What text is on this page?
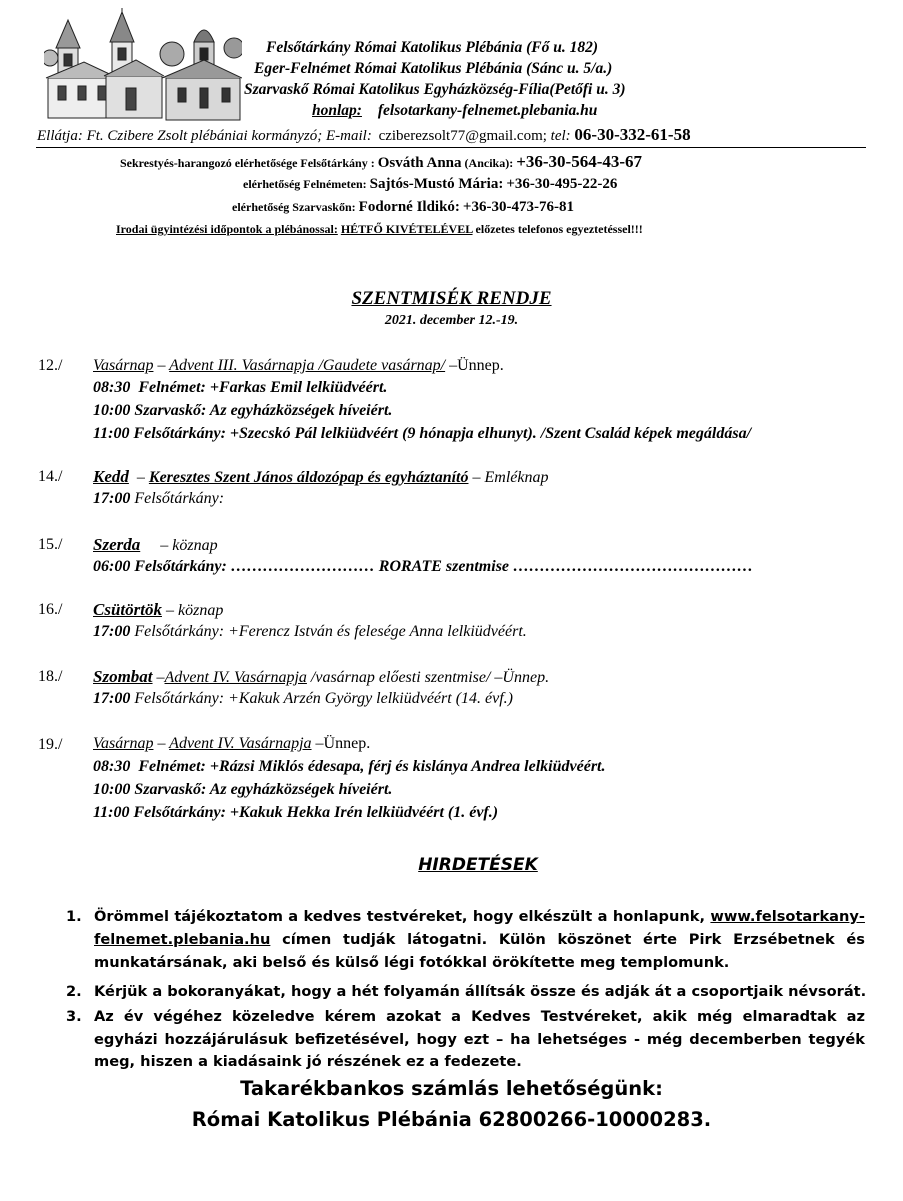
Felsőtárkány Római Katolikus Plébánia (Fő u. 182)
Eger-Felnémet Római Katolikus Plébánia (Sánc u. 5/a.)
Szarvaskő Római Katolikus Egyházközség-Fília(Petőfi u. 3)
honlap: felsotarkany-felnemet.plebania.hu
Ellátja: Ft. Czibere Zsolt plébániai kormányzó; E-mail: cziberezsolt77@gmail.com; tel: 06-30-332-61-58
Sekrestyés-harangozó elérhetősége Felsőtárkány : Osváth Anna (Ancika): +36-30-564-43-67
elérhetőség Felnémeten: Sajtós-Mustó Mária: +36-30-495-22-26
elérhetőség Szarvaskőn: Fodorné Ildikó: +36-30-473-76-81
Irodai ügyintézési időpontok a plébánossal: HÉTFŐ KIVÉTELÉVEL előzetes telefonos egyeztetéssel!!!
SZENTMISÉK RENDJE
2021. december 12.-19.
12./ Vasárnap – Advent III. Vasárnapja /Gaudete vasárnap/ –Ünnep.
08:30 Felnémet: +Farkas Emil lelkiüdvéért.
10:00 Szarvaskő: Az egyházközségek híveiért.
11:00 Felsőtárkány: +Szecskó Pál lelkiüdvéért (9 hónapja elhunyt). /Szent Család képek megáldása/
14./ Kedd – Keresztes Szent János áldozópap és egyháztanító – Emléknap
17:00 Felsőtárkány:
15./ Szerda – köznap
06:00 Felsőtárkány: ……………………… RORATE szentmise ………………………………………
16./ Csütörtök – köznap
17:00 Felsőtárkány: +Ferencz István és felesége Anna lelkiüdvéért.
18./ Szombat –Advent IV. Vasárnapja /vasárnap előesti szentmise/ –Ünnep.
17:00 Felsőtárkány: +Kakuk Arzén György lelkiüdvéért (14. évf.)
19./ Vasárnap – Advent IV. Vasárnapja –Ünnep.
08:30 Felnémet: +Rázsi Miklós édesapa, férj és kislánya Andrea lelkiüdvéért.
10:00 Szarvaskő: Az egyházközségek híveiért.
11:00 Felsőtárkány: +Kakuk Hekka Irén lelkiüdvéért (1. évf.)
HIRDETÉSEK
1. Örömmel tájékoztatom a kedves testvéreket, hogy elkészült a honlapunk, www.felsotarkany-
felnemet.plebania.hu címen tudják látogatni. Külön köszönet érte Pirk Erzsébetnek és
munkatársának, aki belső és külső légi fotókkal örökítette meg templomunk.
2. Kérjük a bokoranyákat, hogy a hét folyamán állítsák össze és adják át a csoportjaik névsorát.
3. Az év végéhez közeledve kérem azokat a Kedves Testvéreket, akik még elmaradtak az egyházi hozzájárulásuk befizetésével, hogy ezt – ha lehetséges - még decemberben tegyék meg, hiszen a kiadásaink jó részének ez a fedezete.
Takarékbankos számlás lehetőségünk:
Római Katolikus Plébánia 62800266-10000283.
